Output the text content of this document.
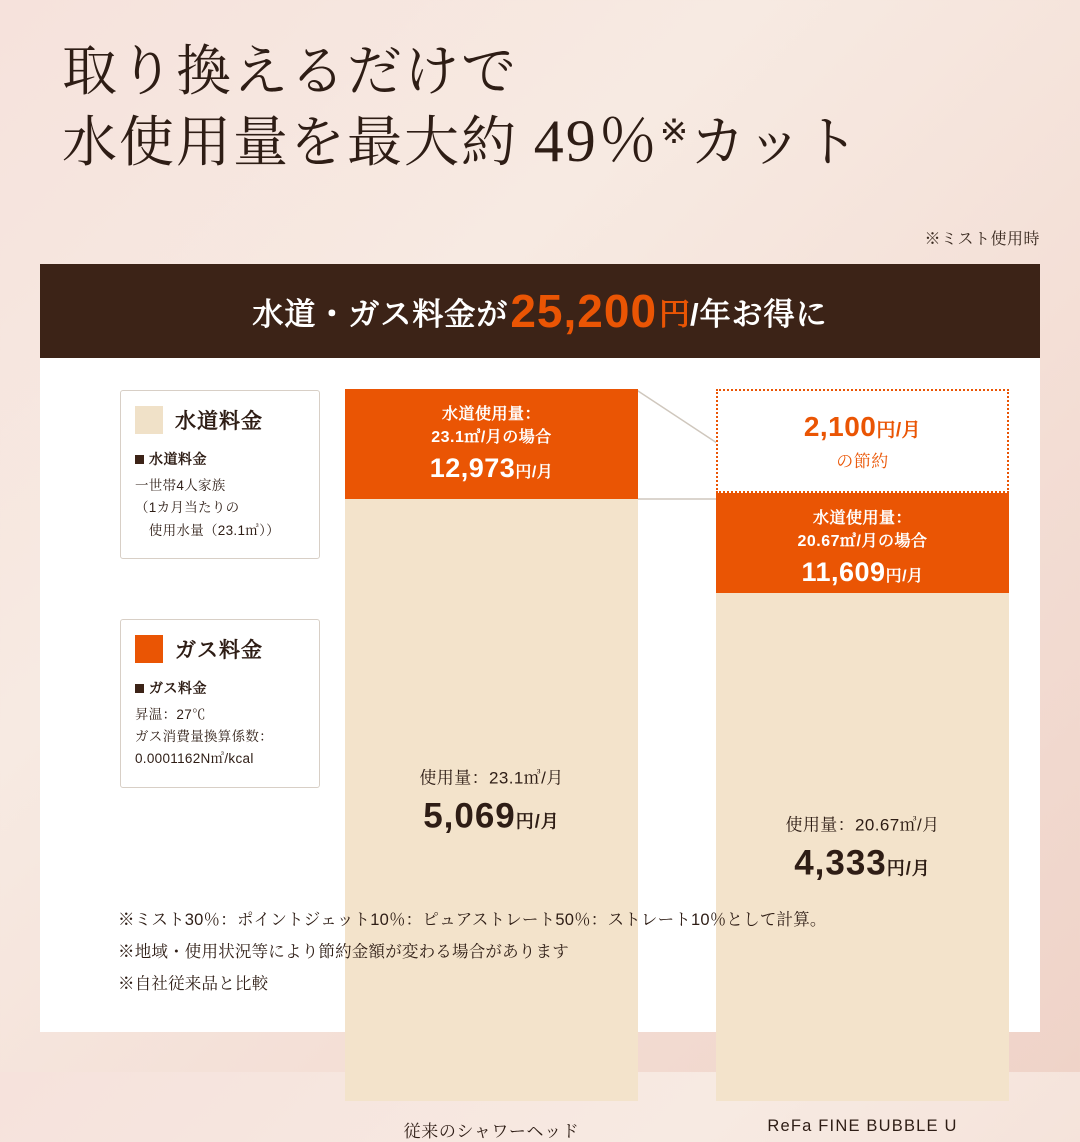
取り換えるだけで
水使用量を最大約 49％※カット
※ミスト使用時
水道・ガス料金が 25,200 円 /年お得に
水道料金
水道料金
一世帯4人家族
（1カ月当たりの
　使用水量（23.1㎥））
ガス料金
ガス料金
昇温：27℃
ガス消費量換算係数：
0.0001162N㎥/kcal
水道使用量：
23.1㎥/月の場合
12,973円/月
使用量：23.1㎥/月
5,069円/月
従来のシャワーヘッド
2,100円/月
の節約
水道使用量：
20.67㎥/月の場合
11,609円/月
使用量：20.67㎥/月
4,333円/月
ReFa FINE BUBBLE U
※ミスト30％：ポイントジェット10％：ピュアストレート50％：ストレート10％として計算。
※地域・使用状況等により節約金額が変わる場合があります
※自社従来品と比較
